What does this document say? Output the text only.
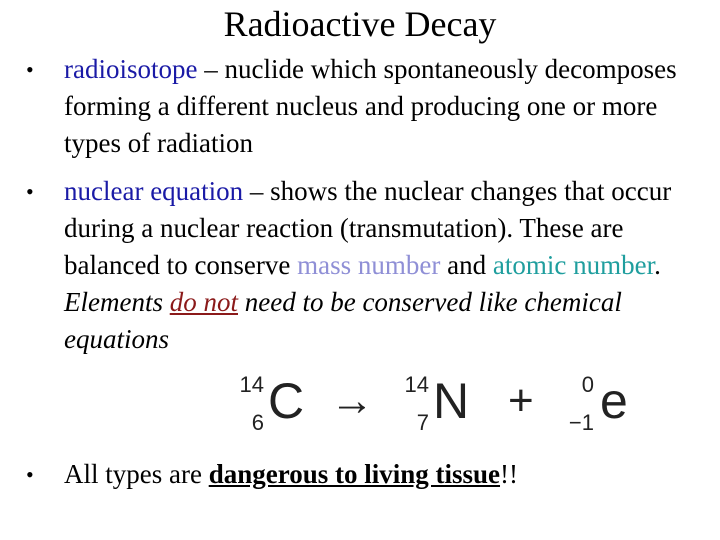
Radioactive Decay
• radioisotope – nuclide which spontaneously decomposes forming a different nucleus and producing one or more types of radiation
• nuclear equation – shows the nuclear changes that occur during a nuclear reaction (transmutation). These are balanced to conserve mass number and atomic number. Elements do not need to be conserved like chemical equations
14
6 C →	14
7 N +	0
−1 e
• All types are dangerous to living tissue!!
